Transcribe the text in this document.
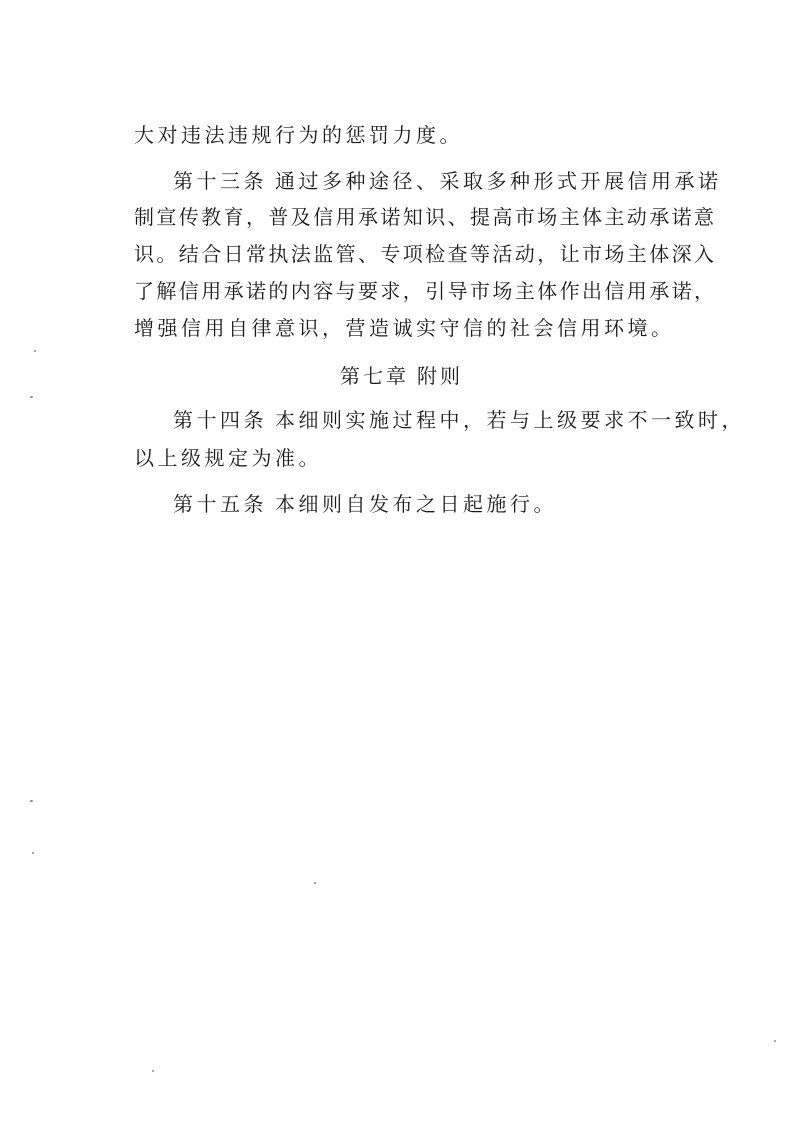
大对违法违规行为的惩罚力度。
第十三条 通过多种途径、采取多种形式开展信用承诺
制宣传教育，普及信用承诺知识、提高市场主体主动承诺意
识。结合日常执法监管、专项检查等活动，让市场主体深入
了解信用承诺的内容与要求，引导市场主体作出信用承诺，
增强信用自律意识，营造诚实守信的社会信用环境。
第七章 附则
第十四条 本细则实施过程中，若与上级要求不一致时，
以上级规定为准。
第十五条 本细则自发布之日起施行。
